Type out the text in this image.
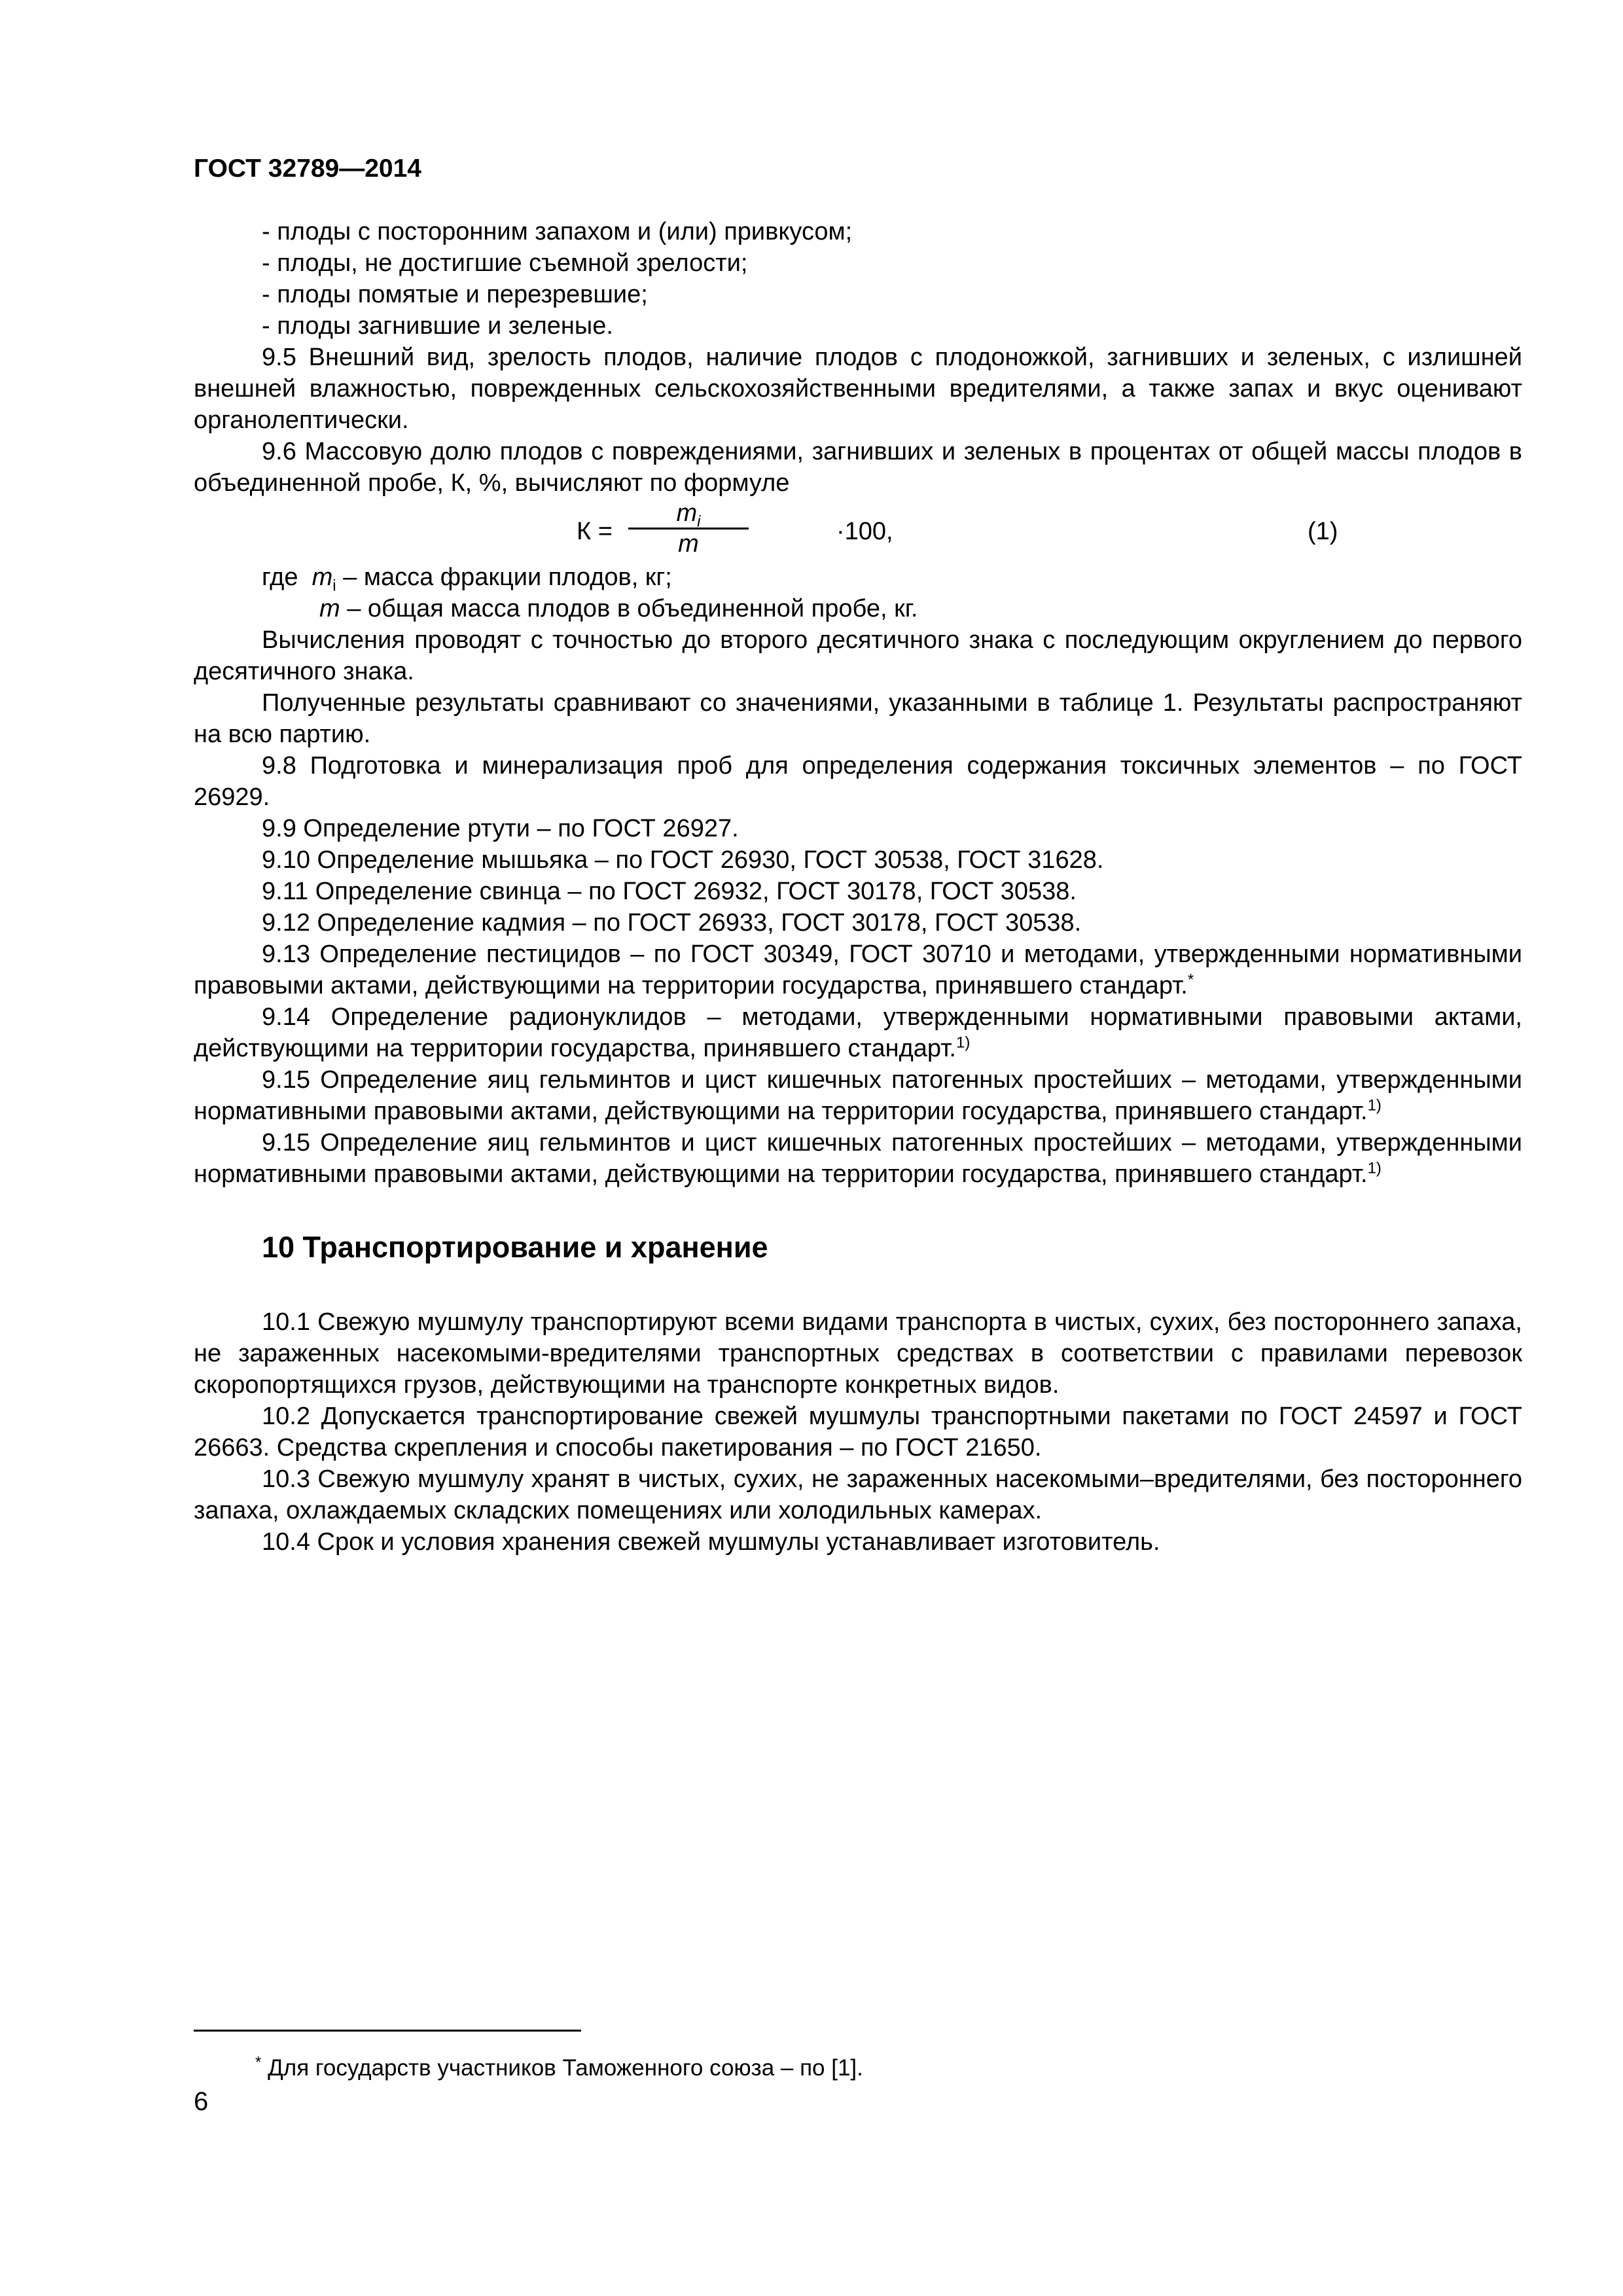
ГОСТ 32789—2014

- плоды с посторонним запахом и (или) привкусом;

- плоды, не достигшие съемной зрелости;

- плоды помятые и перезревшие;

- плоды загнившие и зеленые.

9.5 Внешний вид, зрелость плодов, наличие плодов с плодоножкой, загнивших и зеленых, с излишней внешней влажностью, поврежденных сельскохозяйственными вредителями, а также запах и вкус оценивают органолептически.

9.6 Массовую долю плодов с повреждениями, загнивших и зеленых в процентах от общей массы плодов в объединенной пробе, К, %, вычисляют по формуле

К =
$m_i$
m	·100,	(1)

где $m_i$ – масса фракции плодов, кг;

m – общая масса плодов в объединенной пробе, кг.

Вычисления проводят с точностью до второго десятичного знака с последующим округлением до первого десятичного знака.

Полученные результаты сравнивают со значениями, указанными в таблице 1. Результаты распространяют на всю партию.

9.8 Подготовка и минерализация проб для определения содержания токсичных элементов – по ГОСТ 26929.

9.9 Определение ртути – по ГОСТ 26927.

9.10 Определение мышьяка – по ГОСТ 26930, ГОСТ 30538, ГОСТ 31628.

9.11 Определение свинца – по ГОСТ 26932, ГОСТ 30178, ГОСТ 30538.

9.12 Определение кадмия – по ГОСТ 26933, ГОСТ 30178, ГОСТ 30538.

9.13 Определение пестицидов – по ГОСТ 30349, ГОСТ 30710 и методами, утвержденными нормативными правовыми актами, действующими на территории государства, принявшего стандарт.*

9.14 Определение радионуклидов – методами, утвержденными нормативными правовыми актами, действующими на территории государства, принявшего стандарт.$^{1)}$

9.15 Определение яиц гельминтов и цист кишечных патогенных простейших – методами, утвержденными нормативными правовыми актами, действующими на территории государства, принявшего стандарт.$^{1)}$

9.15 Определение яиц гельминтов и цист кишечных патогенных простейших – методами, утвержденными нормативными правовыми актами, действующими на территории государства, принявшего стандарт.$^{1)}$

10 Транспортирование и хранение

10.1 Свежую мушмулу транспортируют всеми видами транспорта в чистых, сухих, без постороннего запаха, не зараженных насекомыми-вредителями транспортных средствах в соответствии с правилами перевозок скоропортящихся грузов, действующими на транспорте конкретных видов.

10.2 Допускается транспортирование свежей мушмулы транспортными пакетами по ГОСТ 24597 и ГОСТ 26663. Средства скрепления и способы пакетирования – по ГОСТ 21650.

10.3 Свежую мушмулу хранят в чистых, сухих, не зараженных насекомыми–вредителями, без постороннего запаха, охлаждаемых складских помещениях или холодильных камерах.

10.4 Срок и условия хранения свежей мушмулы устанавливает изготовитель.

* Для государств участников Таможенного союза – по [1].
6
